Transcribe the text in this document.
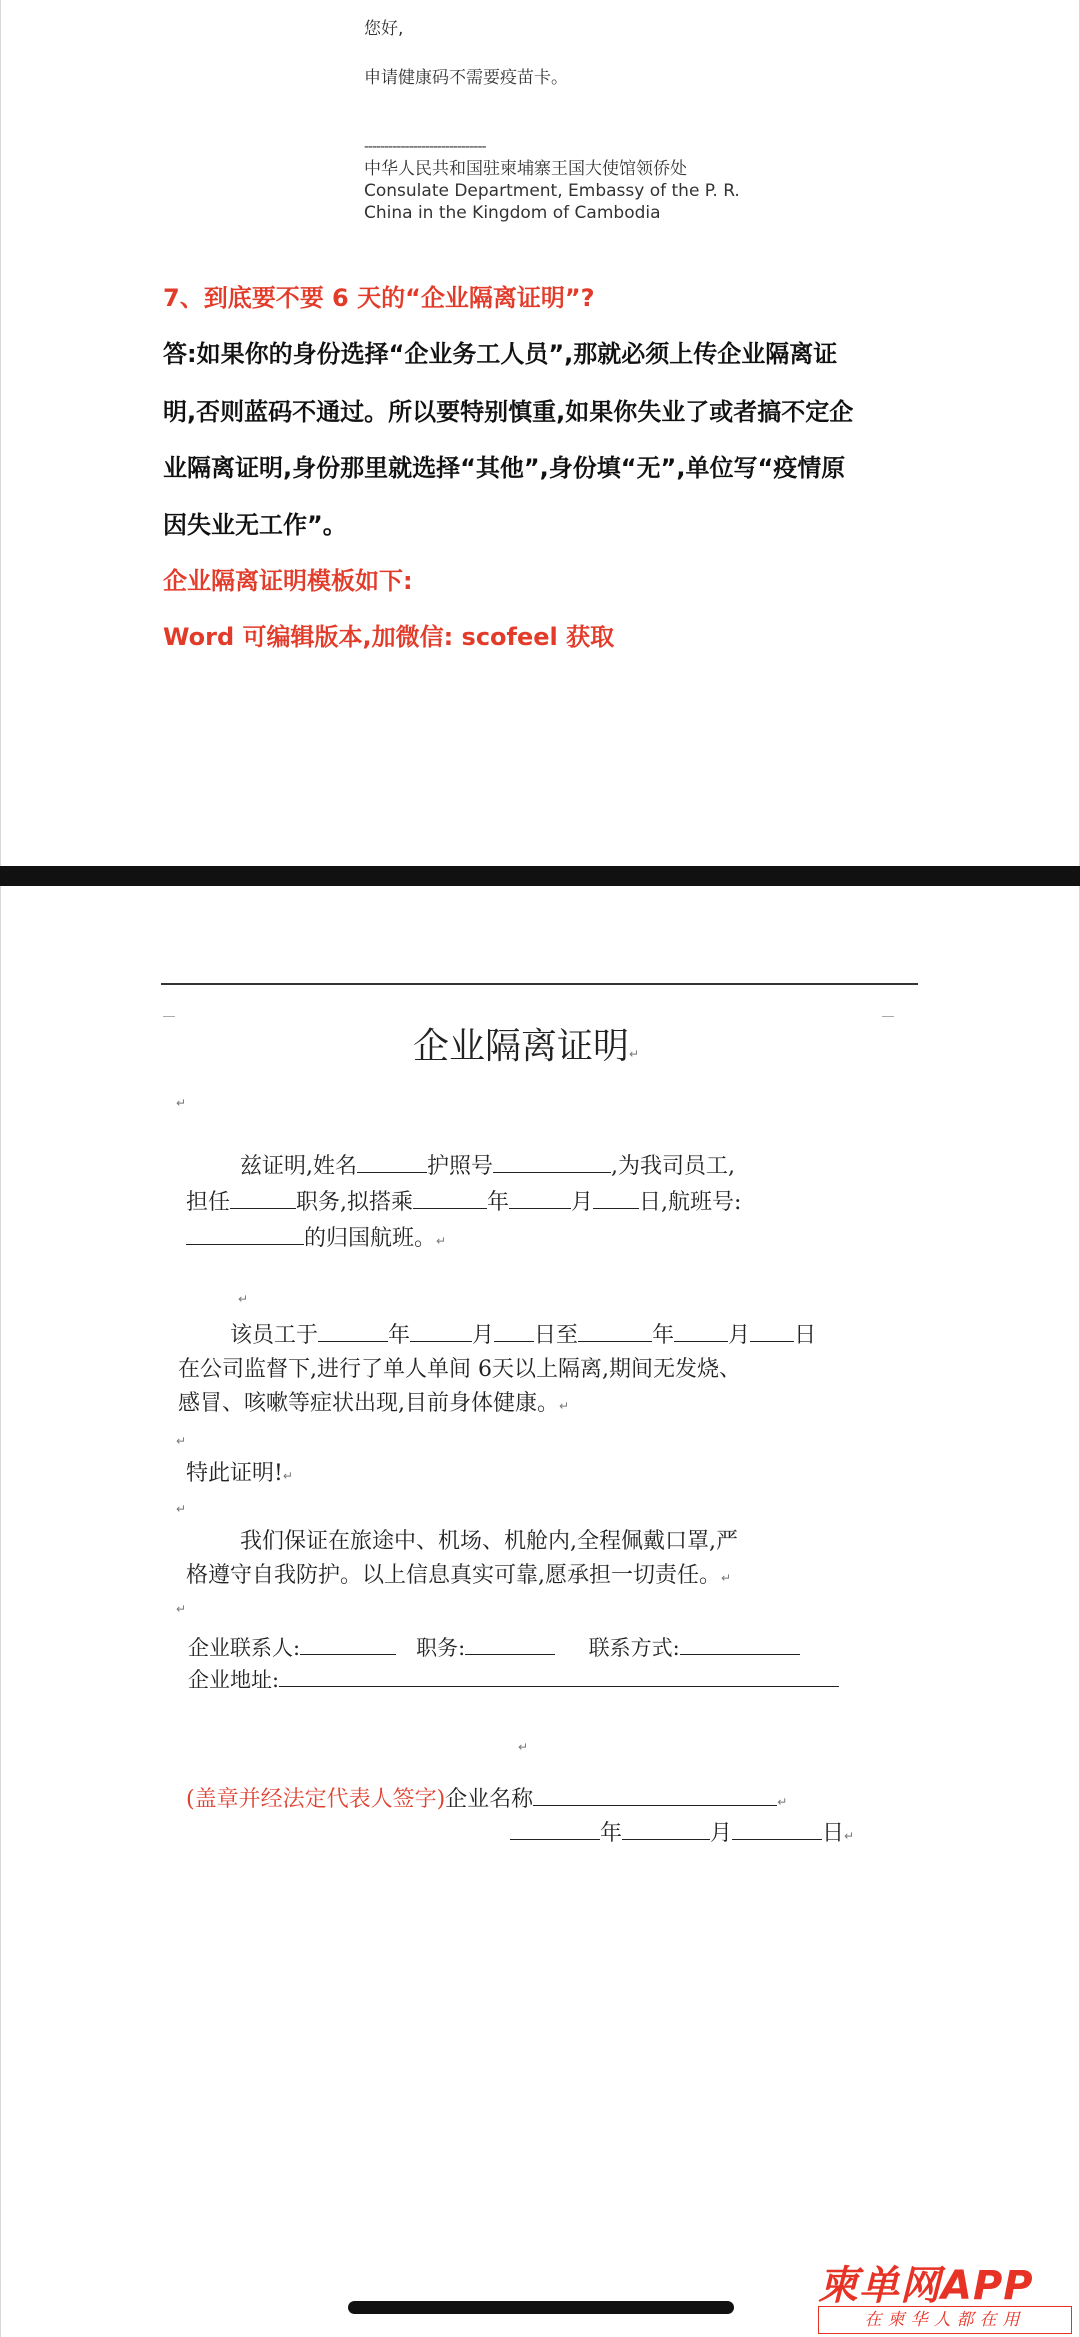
您好,
申请健康码不需要疫苗卡。
------------------------------
中华人民共和国驻柬埔寨王国大使馆领侨处
Consulate Department, Embassy of the P. R.
China in the Kingdom of Cambodia
7、到底要不要 6 天的“企业隔离证明”?
答:如果你的身份选择“企业务工人员”,那就必须上传企业隔离证
明,否则蓝码不通过。所以要特别慎重,如果你失业了或者搞不定企
业隔离证明,身份那里就选择“其他”,身份填“无”,单位写“疫情原
因失业无工作”。
企业隔离证明模板如下:
Word 可编辑版本,加微信: scofeel 获取
企业隔离证明↵
↵
兹证明,姓名	护照号	,为我司员工,
担任	职务,拟搭乘	年	月 日,航班号:
的归国航班。↵
↵
该员工于	年	月 日至	年 月 日
在公司监督下,进行了单人单间 6天以上隔离,期间无发烧、
感冒、咳嗽等症状出现,目前身体健康。↵
↵
特此证明!↵
↵
我们保证在旅途中、机场、机舱内,全程佩戴口罩,严
格遵守自我防护。以上信息真实可靠,愿承担一切责任。↵
↵
企业联系人:	职务:	联系方式:
企业地址:
↵
(盖章并经法定代表人签字)企业名称	↵
年	月	日↵
柬单网APP
在柬华人都在用
